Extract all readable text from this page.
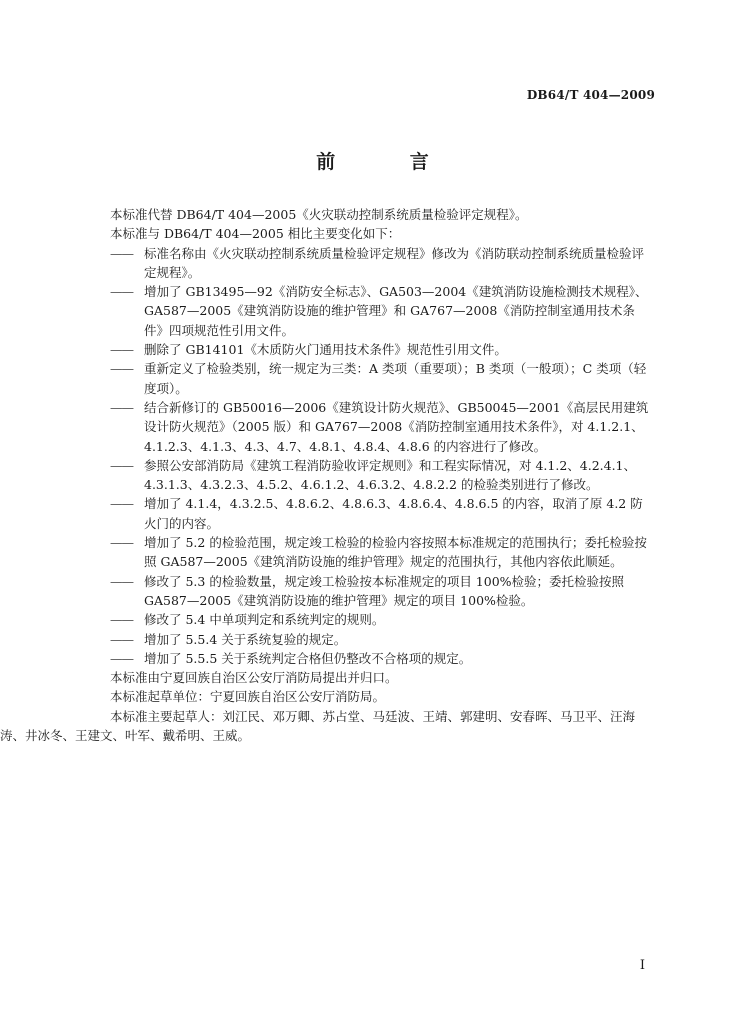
DB64/T 404—2009
前 言

本标准代替 DB64/T 404—2005《火灾联动控制系统质量检验评定规程》。

本标准与 DB64/T 404—2005 相比主要变化如下：

—— 标准名称由《火灾联动控制系统质量检验评定规程》修改为《消防联动控制系统质量检验评定规程》。
—— 增加了 GB13495—92《消防安全标志》、GA503—2004《建筑消防设施检测技术规程》、GA587—2005《建筑消防设施的维护管理》和 GA767—2008《消防控制室通用技术条件》四项规范性引用文件。
—— 删除了 GB14101《木质防火门通用技术条件》规范性引用文件。
—— 重新定义了检验类别，统一规定为三类：A 类项（重要项）；B 类项（一般项）；C 类项（轻度项）。
—— 结合新修订的 GB50016—2006《建筑设计防火规范》、GB50045—2001《高层民用建筑设计防火规范》（2005 版）和 GA767—2008《消防控制室通用技术条件》，对 4.1.2.1、4.1.2.3、4.1.3、4.3、4.7、4.8.1、4.8.4、4.8.6 的内容进行了修改。
—— 参照公安部消防局《建筑工程消防验收评定规则》和工程实际情况，对 4.1.2、4.2.4.1、4.3.1.3、4.3.2.3、4.5.2、4.6.1.2、4.6.3.2、4.8.2.2 的检验类别进行了修改。
—— 增加了 4.1.4，4.3.2.5、4.8.6.2、4.8.6.3、4.8.6.4、4.8.6.5 的内容，取消了原 4.2 防火门的内容。
—— 增加了 5.2 的检验范围，规定竣工检验的检验内容按照本标准规定的范围执行；委托检验按照 GA587—2005《建筑消防设施的维护管理》规定的范围执行，其他内容依此顺延。
—— 修改了 5.3 的检验数量，规定竣工检验按本标准规定的项目 100%检验；委托检验按照 GA587—2005《建筑消防设施的维护管理》规定的项目 100%检验。
—— 修改了 5.4 中单项判定和系统判定的规则。
—— 增加了 5.5.4 关于系统复验的规定。
—— 增加了 5.5.5 关于系统判定合格但仍整改不合格项的规定。

本标准由宁夏回族自治区公安厅消防局提出并归口。

本标准起草单位：宁夏回族自治区公安厅消防局。

本标准主要起草人：刘江民、邓万卿、苏占堂、马廷波、王靖、郭建明、安春晖、马卫平、汪海

涛、井冰冬、王建文、叶军、戴希明、王威。

I
